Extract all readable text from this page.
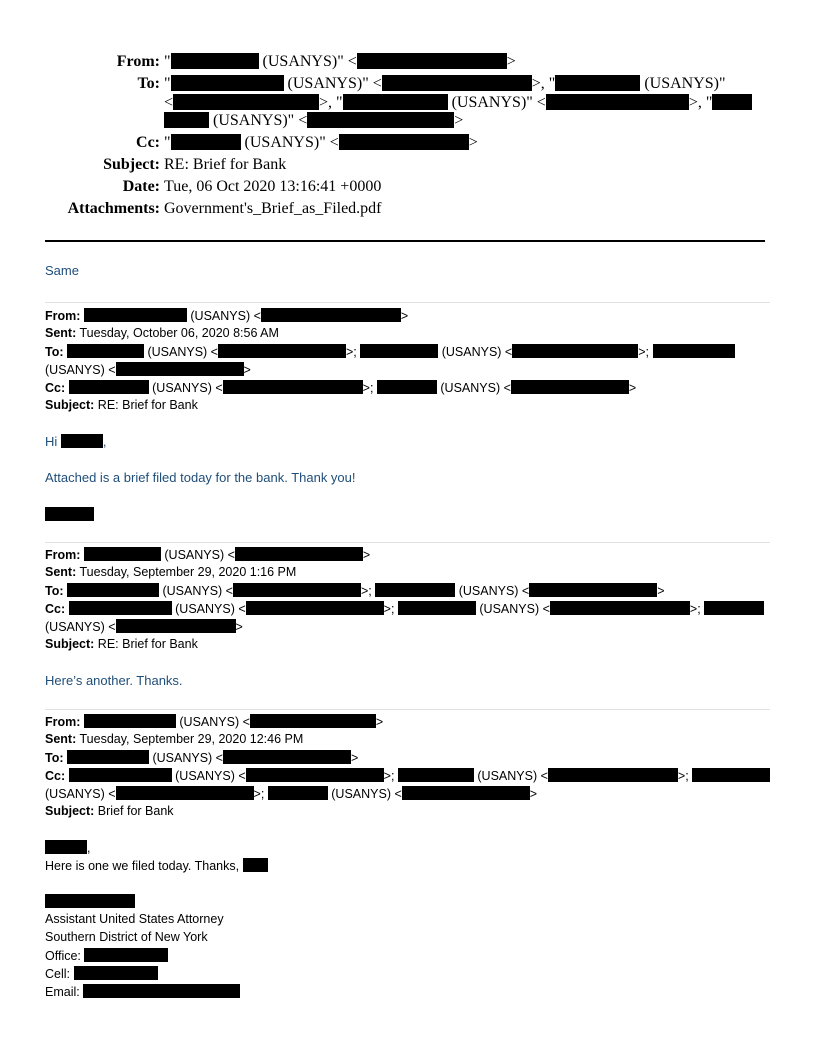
From: "	(USANYS)" <	>
To: "	(USANYS)" <	>, "	(USANYS)"
<	>, "	(USANYS)" <	>, "
(USANYS)" <	>
Cc: "	(USANYS)" <	>
Subject: RE: Brief for Bank
Date: Tue, 06 Oct 2020 13:16:41 +0000
Attachments: Government's_Brief_as_Filed.pdf
Same
From:	(USANYS) <	>
Sent: Tuesday, October 06, 2020 8:56 AM
To:	(USANYS) <	>;	(USANYS) <	>;
(USANYS) <	>
Cc:	(USANYS) <	>;	(USANYS) <	>
Subject: RE: Brief for Bank
Hi	,
Attached is a brief filed today for the bank. Thank you!
From:	(USANYS) <	>
Sent: Tuesday, September 29, 2020 1:16 PM
To:	(USANYS) <	>;	(USANYS) <	>
Cc:	(USANYS) <	>;	(USANYS) <	>;
(USANYS) <	>
Subject: RE: Brief for Bank
Here’s another. Thanks.
From:	(USANYS) <	>
Sent: Tuesday, September 29, 2020 12:46 PM
To:	(USANYS) <	>
Cc:	(USANYS) <	>;	(USANYS) <	>;
(USANYS) <	>;	(USANYS) <	>
Subject: Brief for Bank
,
Here is one we filed today. Thanks,
Assistant United States Attorney
Southern District of New York
Office:
Cell:
Email:
